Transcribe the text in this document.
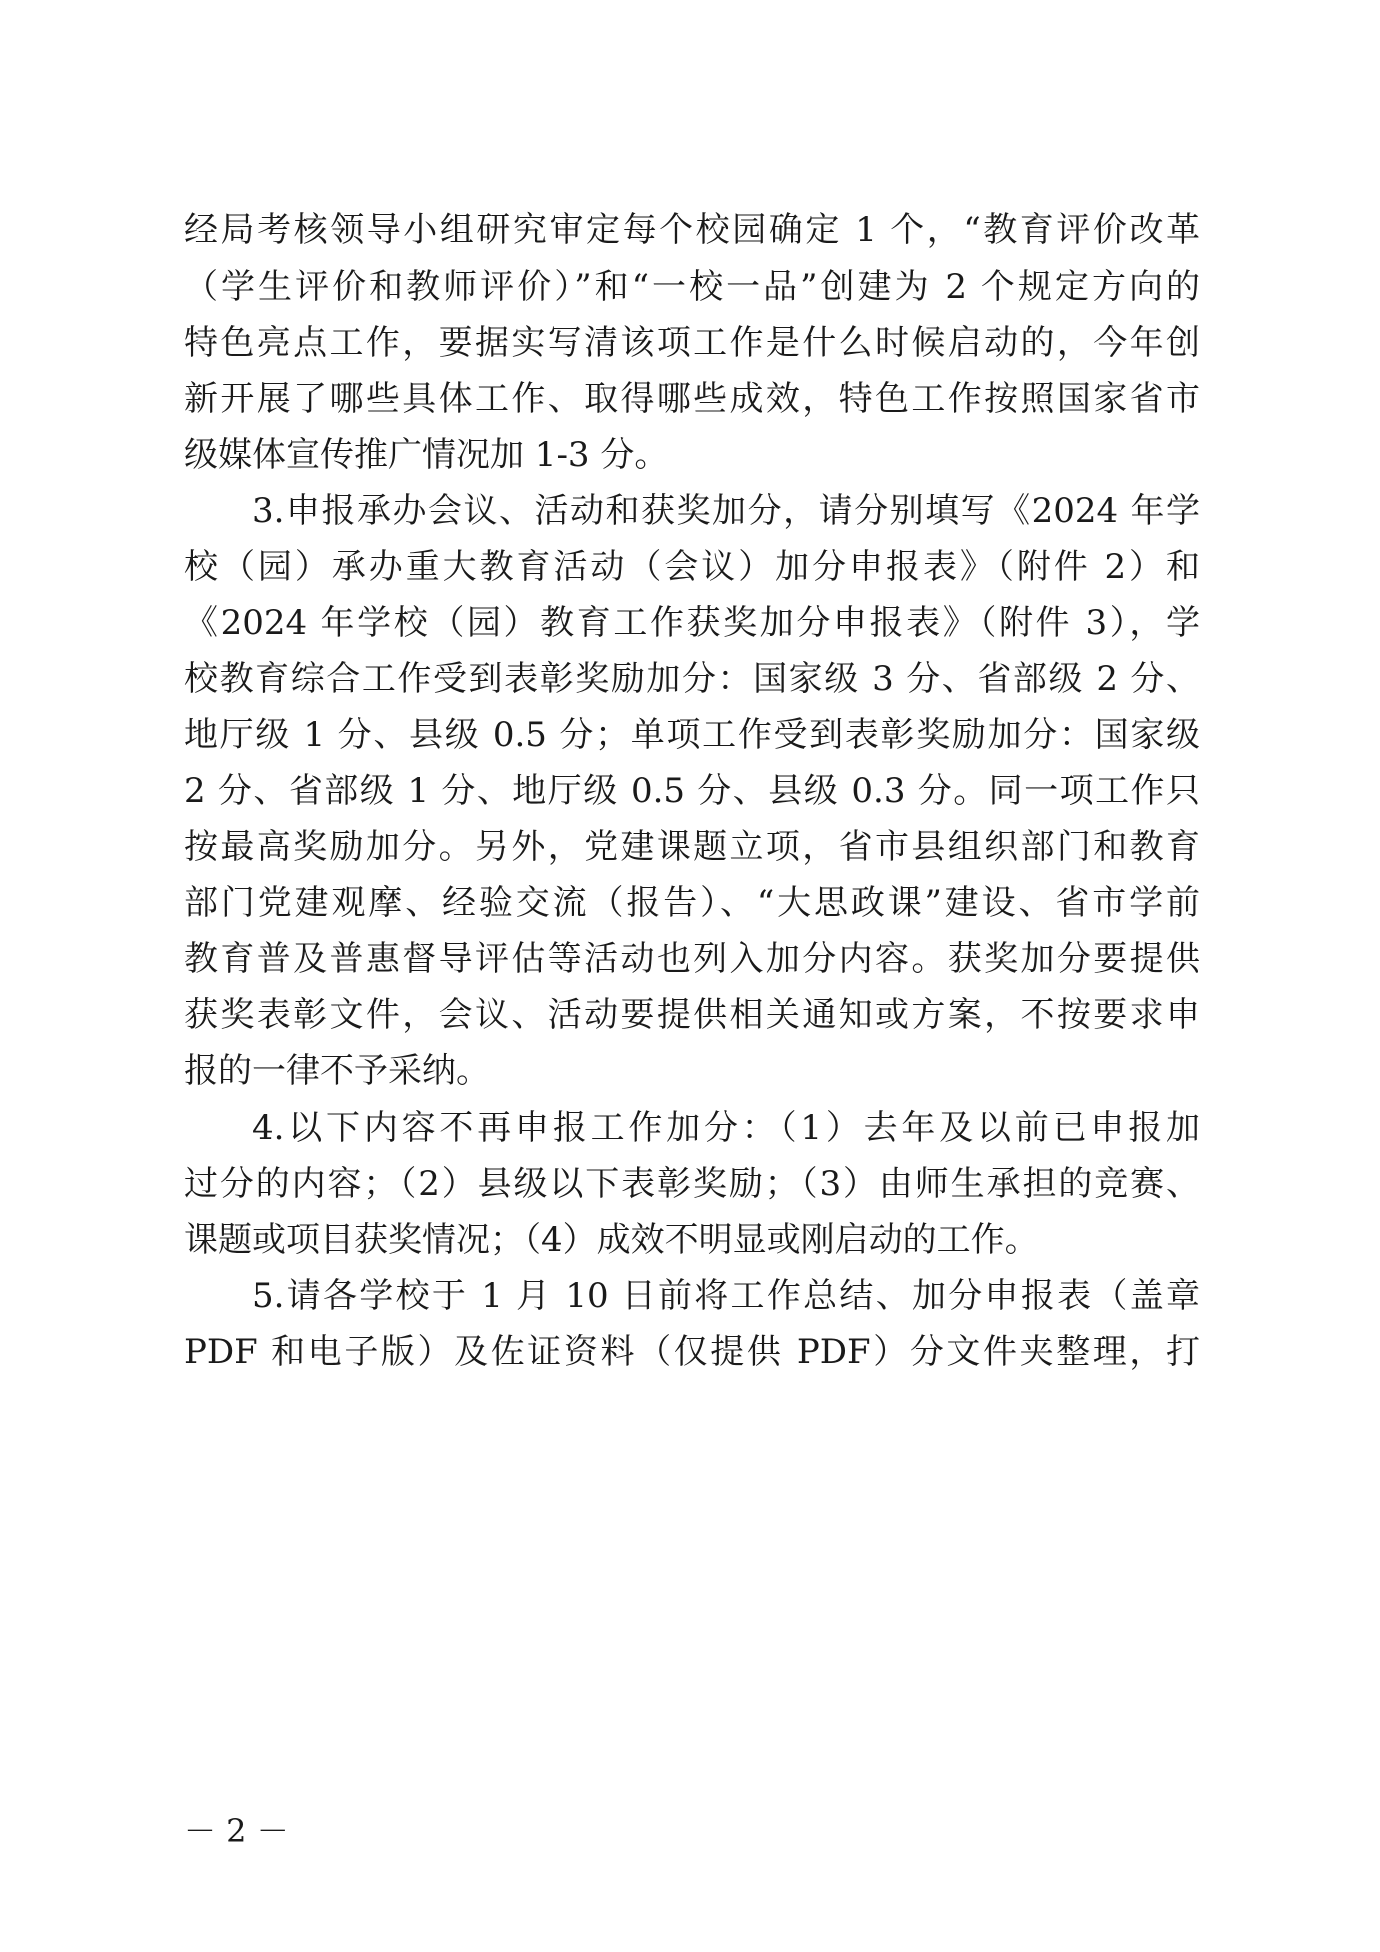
经局考核领导小组研究审定每个校园确定 1 个，“教育评价改革
（学生评价和教师评价）”和“一校一品”创建为 2 个规定方向的
特色亮点工作，要据实写清该项工作是什么时候启动的，今年创
新开展了哪些具体工作、取得哪些成效，特色工作按照国家省市
级媒体宣传推广情况加 1-3 分。
3.申报承办会议、活动和获奖加分，请分别填写《2024 年学
校（园）承办重大教育活动（会议）加分申报表》（附件 2）和
《2024 年学校（园）教育工作获奖加分申报表》（附件 3），学
校教育综合工作受到表彰奖励加分：国家级 3 分、省部级 2 分、
地厅级 1 分、县级 0.5 分；单项工作受到表彰奖励加分：国家级
2 分、省部级 1 分、地厅级 0.5 分、县级 0.3 分。同一项工作只
按最高奖励加分。另外，党建课题立项，省市县组织部门和教育
部门党建观摩、经验交流（报告）、“大思政课”建设、省市学前
教育普及普惠督导评估等活动也列入加分内容。获奖加分要提供
获奖表彰文件，会议、活动要提供相关通知或方案，不按要求申
报的一律不予采纳。
4.以下内容不再申报工作加分：（1）去年及以前已申报加
过分的内容；（2）县级以下表彰奖励；（3）由师生承担的竞赛、
课题或项目获奖情况；（4）成效不明显或刚启动的工作。
5.请各学校于 1 月 10 日前将工作总结、加分申报表（盖章
PDF 和电子版）及佐证资料（仅提供 PDF）分文件夹整理，打
－ 2 －
